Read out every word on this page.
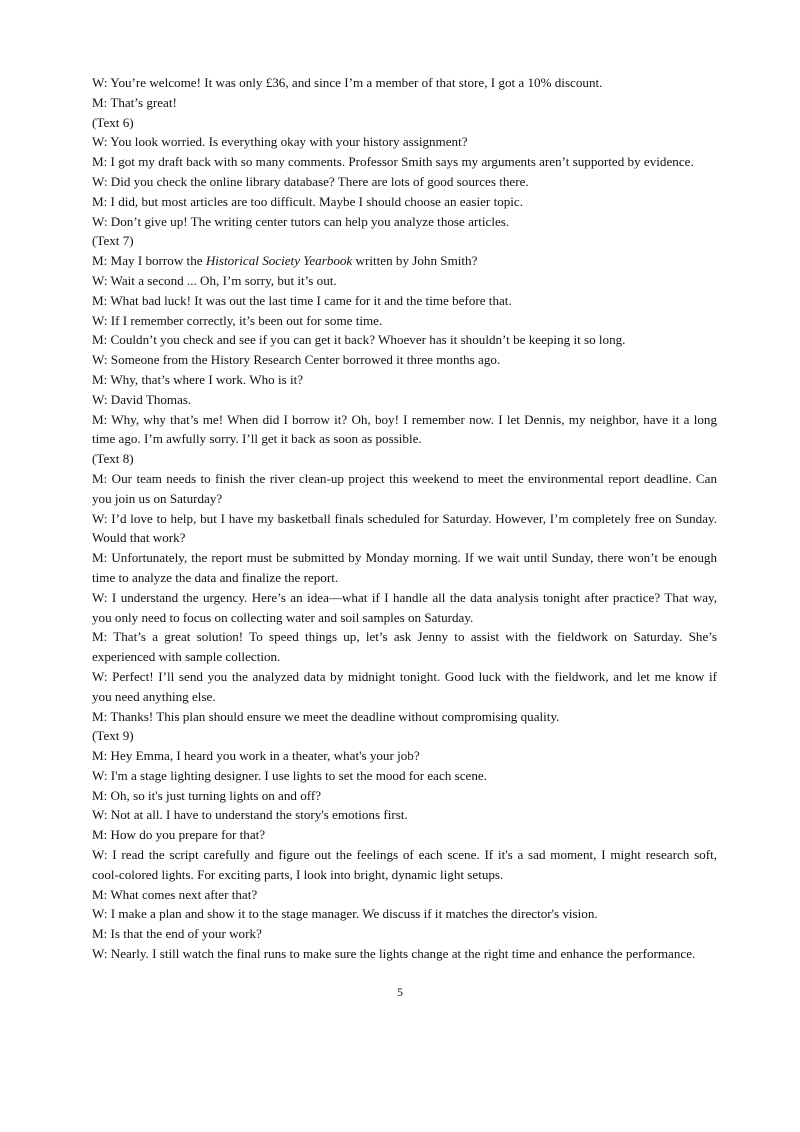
W: You’re welcome! It was only £36, and since I’m a member of that store, I got a 10% discount.

M: That’s great!

(Text 6)

W: You look worried. Is everything okay with your history assignment?

M: I got my draft back with so many comments. Professor Smith says my arguments aren’t supported by evidence.

W: Did you check the online library database? There are lots of good sources there.

M: I did, but most articles are too difficult. Maybe I should choose an easier topic.

W: Don’t give up! The writing center tutors can help you analyze those articles.

(Text 7)

M: May I borrow the Historical Society Yearbook written by John Smith?

W: Wait a second ... Oh, I’m sorry, but it’s out.

M: What bad luck! It was out the last time I came for it and the time before that.

W: If I remember correctly, it’s been out for some time.

M: Couldn’t you check and see if you can get it back? Whoever has it shouldn’t be keeping it so long.

W: Someone from the History Research Center borrowed it three months ago.

M: Why, that’s where I work. Who is it?

W: David Thomas.

M: Why, why that’s me! When did I borrow it? Oh, boy! I remember now. I let Dennis, my neighbor, have it a long

time ago. I’m awfully sorry. I’ll get it back as soon as possible.

(Text 8)

M: Our team needs to finish the river clean-up project this weekend to meet the environmental report deadline. Can

you join us on Saturday?

W: I’d love to help, but I have my basketball finals scheduled for Saturday. However, I’m completely free on Sunday.

Would that work?

M: Unfortunately, the report must be submitted by Monday morning. If we wait until Sunday, there won’t be enough

time to analyze the data and finalize the report.

W: I understand the urgency. Here’s an idea—what if I handle all the data analysis tonight after practice? That way,

you only need to focus on collecting water and soil samples on Saturday.

M: That’s a great solution! To speed things up, let’s ask Jenny to assist with the fieldwork on Saturday. She’s

experienced with sample collection.

W: Perfect! I’ll send you the analyzed data by midnight tonight. Good luck with the fieldwork, and let me know if

you need anything else.

M: Thanks! This plan should ensure we meet the deadline without compromising quality.

(Text 9)

M: Hey Emma, I heard you work in a theater, what's your job?

W: I'm a stage lighting designer. I use lights to set the mood for each scene.

M: Oh, so it's just turning lights on and off?

W: Not at all. I have to understand the story's emotions first.

M: How do you prepare for that?

W: I read the script carefully and figure out the feelings of each scene. If it's a sad moment, I might research soft,

cool-colored lights. For exciting parts, I look into bright, dynamic light setups.

M: What comes next after that?

W: I make a plan and show it to the stage manager. We discuss if it matches the director's vision.

M: Is that the end of your work?

W: Nearly. I still watch the final runs to make sure the lights change at the right time and enhance the performance.

5
